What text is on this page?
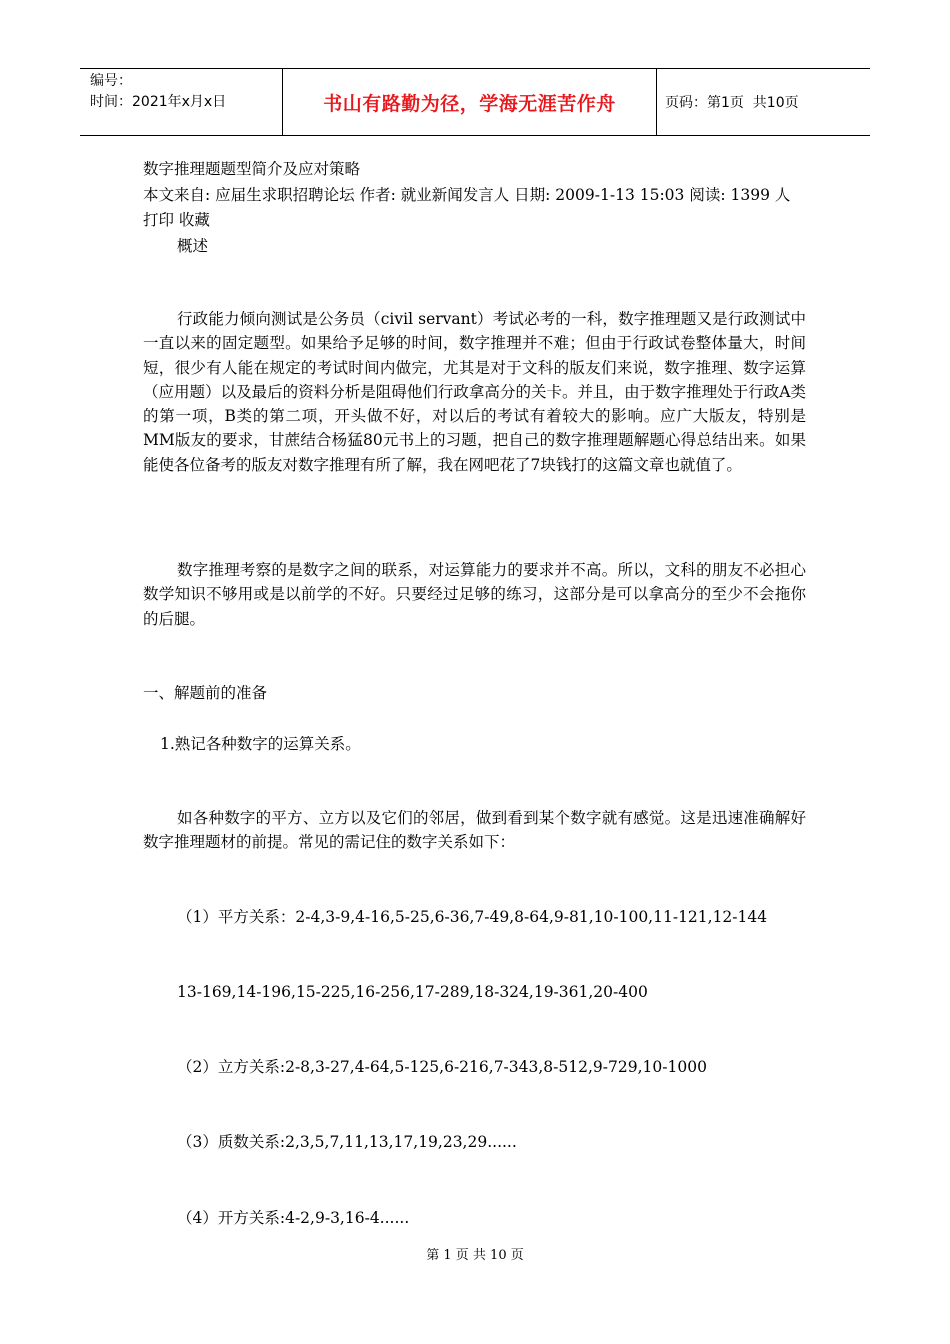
编号：
时间：2021年x月x日	书山有路勤为径，学海无涯苦作舟	页码：第1页  共10页
数字推理题题型简介及应对策略
本文来自: 应届生求职招聘论坛 作者: 就业新闻发言人 日期: 2009-1-13 15:03 阅读: 1399 人
打印 收藏
概述
行政能力倾向测试是公务员（civil servant）考试必考的一科，数字推理题又是行政测试中一直以来的固定题型。如果给予足够的时间，数字推理并不难；但由于行政试卷整体量大，时间短，很少有人能在规定的考试时间内做完，尤其是对于文科的版友们来说，数字推理、数字运算（应用题）以及最后的资料分析是阻碍他们行政拿高分的关卡。并且，由于数字推理处于行政A类的第一项，B类的第二项，开头做不好，对以后的考试有着较大的影响。应广大版友，特别是MM版友的要求，甘蔗结合杨猛80元书上的习题，把自己的数字推理题解题心得总结出来。如果能使各位备考的版友对数字推理有所了解，我在网吧花了7块钱打的这篇文章也就值了。
数字推理考察的是数字之间的联系，对运算能力的要求并不高。所以，文科的朋友不必担心数学知识不够用或是以前学的不好。只要经过足够的练习，这部分是可以拿高分的至少不会拖你的后腿。
一、解题前的准备
1.熟记各种数字的运算关系。
如各种数字的平方、立方以及它们的邻居，做到看到某个数字就有感觉。这是迅速准确解好数字推理题材的前提。常见的需记住的数字关系如下：
（1）平方关系：2-4,3-9,4-16,5-25,6-36,7-49,8-64,9-81,10-100,11-121,12-144
13-169,14-196,15-225,16-256,17-289,18-324,19-361,20-400
（2）立方关系:2-8,3-27,4-64,5-125,6-216,7-343,8-512,9-729,10-1000
（3）质数关系:2,3,5,7,11,13,17,19,23,29......
（4）开方关系:4-2,9-3,16-4......
第 1 页 共 10 页
